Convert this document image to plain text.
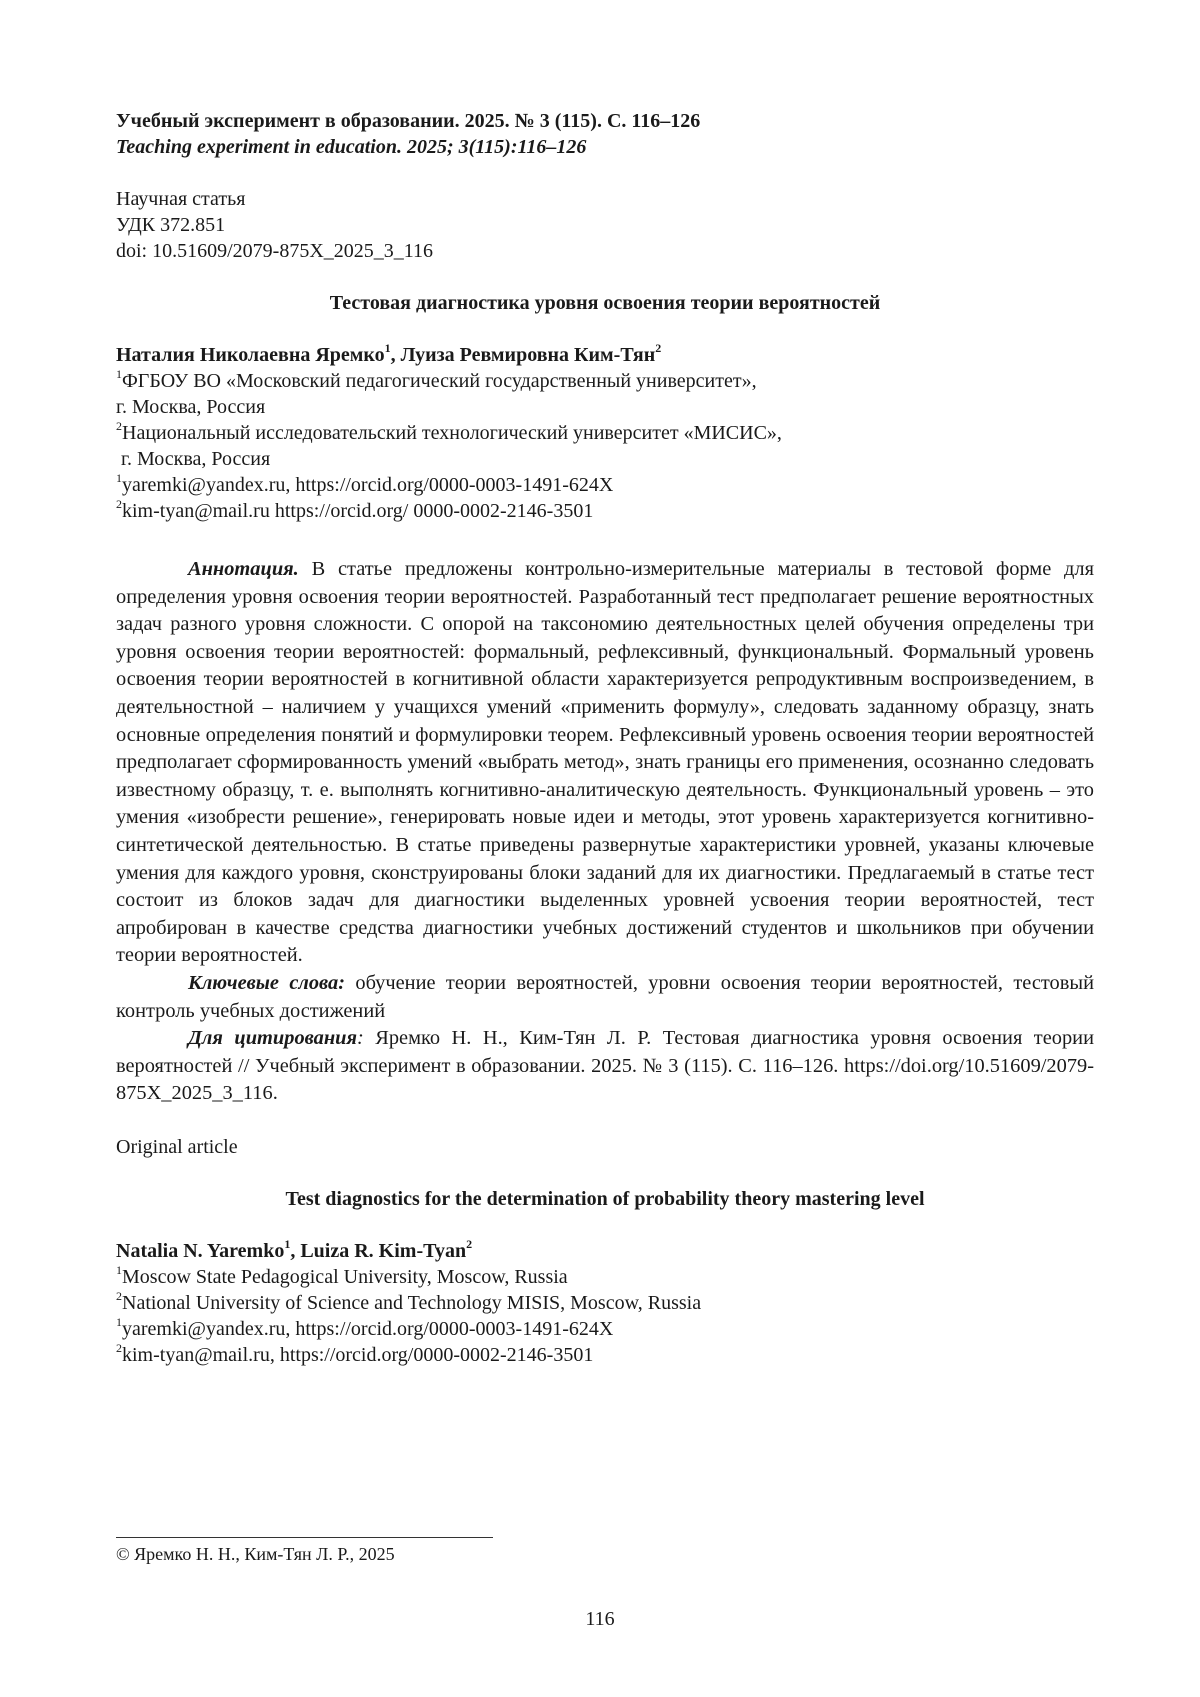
Учебный эксперимент в образовании. 2025. № 3 (115). С. 116–126
Teaching experiment in education. 2025; 3(115):116–126
Научная статья
УДК 372.851
doi: 10.51609/2079-875X_2025_3_116
Тестовая диагностика уровня освоения теории вероятностей
Наталия Николаевна Яремко$^1$, Луиза Ревмировна Ким-Тян$^2$
$^1$ФГБОУ ВО «Московский педагогический государственный университет»,
г. Москва, Россия
$^2$Национальный исследовательский технологический университет «МИСИС»,
г. Москва, Россия
$^1$yaremki@yandex.ru, https://orcid.org/0000-0003-1491-624X
$^2$kim-tyan@mail.ru https://orcid.org/ 0000-0002-2146-3501
Аннотация. В статье предложены контрольно-измерительные материалы в тестовой форме для определения уровня освоения теории вероятностей. Разработанный тест предполагает решение вероятностных задач разного уровня сложности. С опорой на таксономию деятельностных целей обучения определены три уровня освоения теории вероятностей: формальный, рефлексивный, функциональный. Формальный уровень освоения теории вероятностей в когнитивной области характеризуется репродуктивным воспроизведением, в деятельностной – наличием у учащихся умений «применить формулу», следовать заданному образцу, знать основные определения понятий и формулировки теорем. Рефлексивный уровень освоения теории вероятностей предполагает сформированность умений «выбрать метод», знать границы его применения, осознанно следовать известному образцу, т. е. выполнять когнитивно-аналитическую деятельность. Функциональный уровень – это умения «изобрести решение», генерировать новые идеи и методы, этот уровень характеризуется когнитивно-синтетической деятельностью. В статье приведены развернутые характеристики уровней, указаны ключевые умения для каждого уровня, сконструированы блоки заданий для их диагностики. Предлагаемый в статье тест состоит из блоков задач для диагностики выделенных уровней усвоения теории вероятностей, тест апробирован в качестве средства диагностики учебных достижений студентов и школьников при обучении теории вероятностей.
Ключевые слова: обучение теории вероятностей, уровни освоения теории вероятностей, тестовый контроль учебных достижений
Для цитирования: Яремко Н. Н., Ким-Тян Л. Р. Тестовая диагностика уровня освоения теории вероятностей // Учебный эксперимент в образовании. 2025. № 3 (115). С. 116–126. https://doi.org/10.51609/2079-875X_2025_3_116.
Original article
Test diagnostics for the determination of probability theory mastering level
Natalia N. Yaremko$^1$, Luiza R. Kim-Tyan$^2$
$^1$Moscow State Pedagogical University, Moscow, Russia
$^2$National University of Science and Technology MISIS, Moscow, Russia
$^1$yaremki@yandex.ru, https://orcid.org/0000-0003-1491-624X
$^2$kim-tyan@mail.ru, https://orcid.org/0000-0002-2146-3501
© Яремко Н. Н., Ким-Тян Л. Р., 2025
116
